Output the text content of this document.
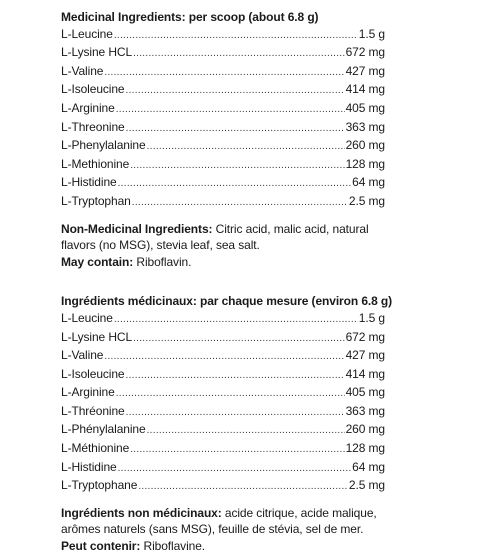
Medicinal Ingredients: per scoop (about 6.8 g)

L-Leucine .....	1.5 g
L-Lysine HCL .....	672 mg
L-Valine .....	427 mg
L-Isoleucine .....	414 mg
L-Arginine .....	405 mg
L-Threonine .....	363 mg
L-Phenylalanine .....	260 mg
L-Methionine .....	128 mg
L-Histidine .....	64 mg
L-Tryptophan .....	2.5 mg

Non-Medicinal Ingredients: Citric acid, malic acid, natural flavors (no MSG), stevia leaf, sea salt.

May contain: Riboflavin.

Ingrédients médicinaux: par chaque mesure (environ 6.8 g)

L-Leucine .....	1.5 g
L-Lysine HCL .....	672 mg
L-Valine .....	427 mg
L-Isoleucine .....	414 mg
L-Arginine .....	405 mg
L-Thréonine .....	363 mg
L-Phénylalanine .....	260 mg
L-Méthionine .....	128 mg
L-Histidine .....	64 mg
L-Tryptophane .....	2.5 mg

Ingrédients non médicinaux: acide citrique, acide malique, arômes naturels (sans MSG), feuille de stévia, sel de mer.

Peut contenir: Riboflavine.
